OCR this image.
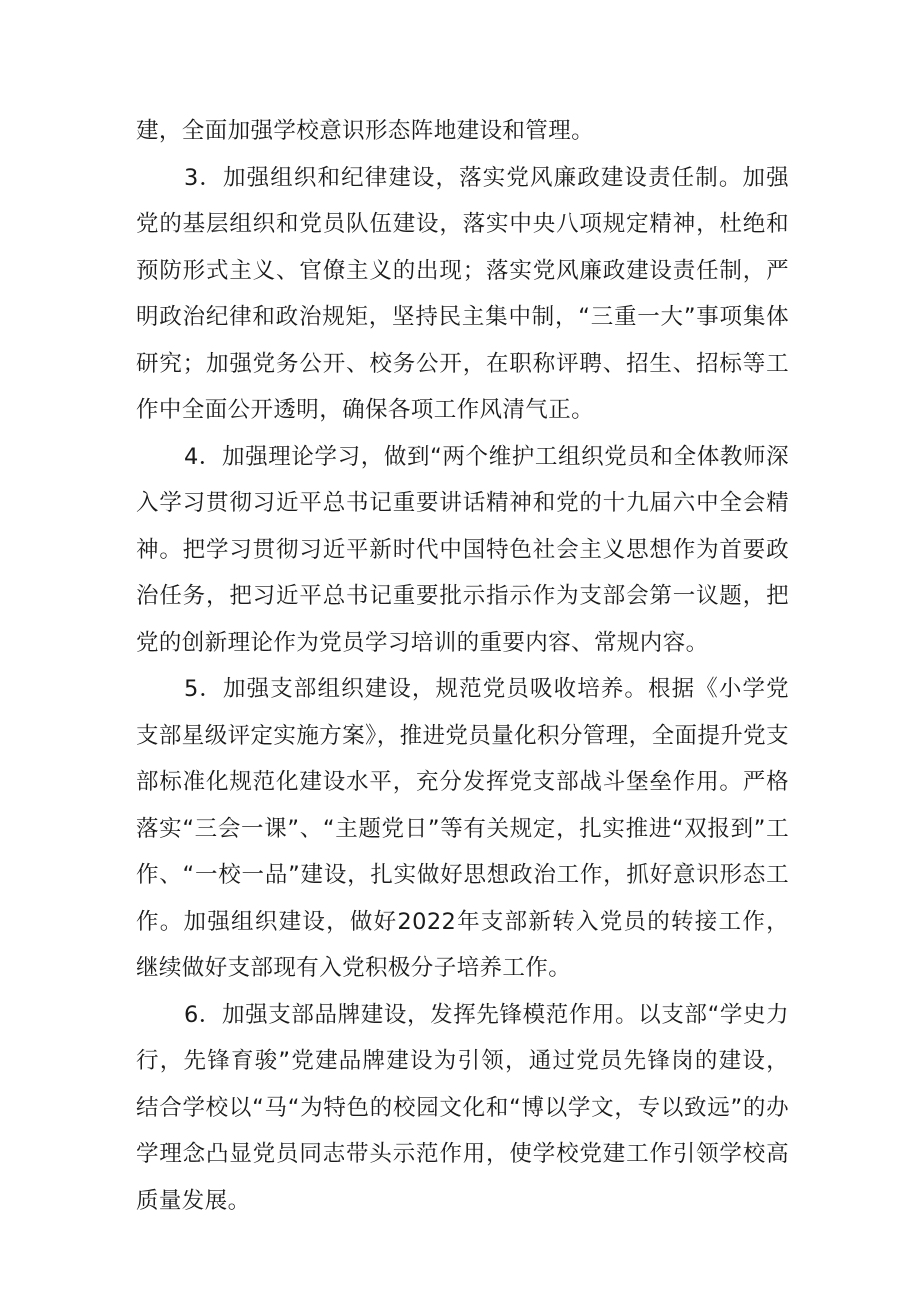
建，全面加强学校意识形态阵地建设和管理。

3．加强组织和纪律建设，落实党风廉政建设责任制。加强党的基层组织和党员队伍建设，落实中央八项规定精神，杜绝和预防形式主义、官僚主义的出现；落实党风廉政建设责任制，严明政治纪律和政治规矩，坚持民主集中制，“三重一大”事项集体研究；加强党务公开、校务公开，在职称评聘、招生、招标等工作中全面公开透明，确保各项工作风清气正。

4．加强理论学习，做到“两个维护工组织党员和全体教师深入学习贯彻习近平总书记重要讲话精神和党的十九届六中全会精神。把学习贯彻习近平新时代中国特色社会主义思想作为首要政治任务，把习近平总书记重要批示指示作为支部会第一议题，把党的创新理论作为党员学习培训的重要内容、常规内容。

5．加强支部组织建设，规范党员吸收培养。根据《小学党支部星级评定实施方案》，推进党员量化积分管理，全面提升党支部标准化规范化建设水平，充分发挥党支部战斗堡垒作用。严格落实“三会一课”、“主题党日”等有关规定，扎实推进“双报到”工作、“一校一品”建设，扎实做好思想政治工作，抓好意识形态工作。加强组织建设，做好2022年支部新转入党员的转接工作，继续做好支部现有入党积极分子培养工作。

6．加强支部品牌建设，发挥先锋模范作用。以支部“学史力行，先锋育骏”党建品牌建设为引领，通过党员先锋岗的建设，结合学校以“马“为特色的校园文化和“博以学文，专以致远”的办学理念凸显党员同志带头示范作用，使学校党建工作引领学校高质量发展。
